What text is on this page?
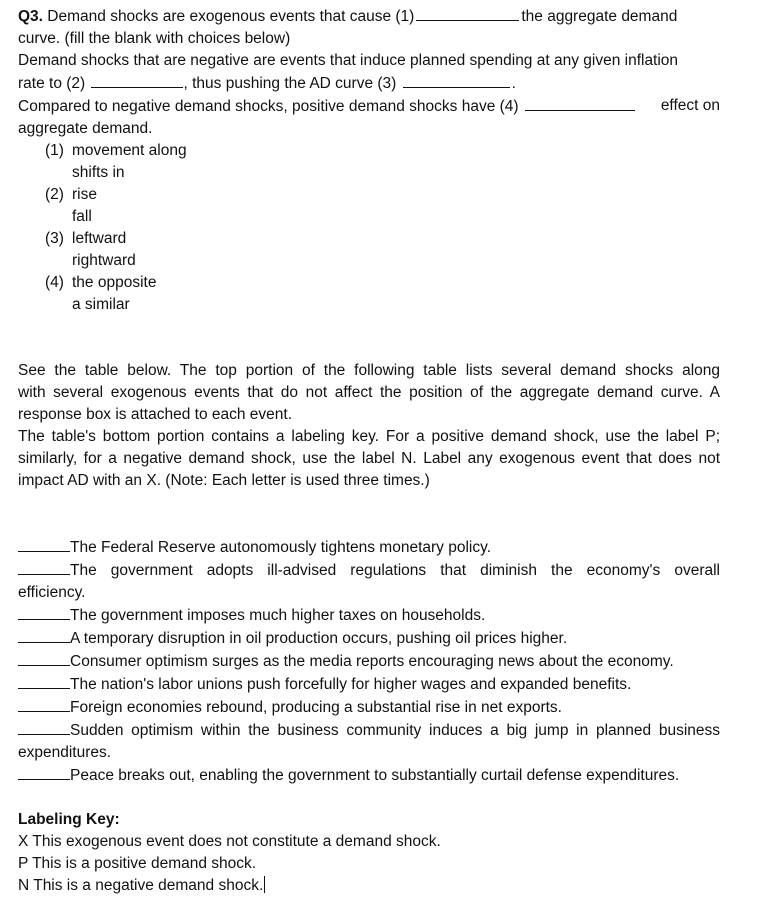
Q3. Demand shocks are exogenous events that cause (1)	the aggregate demand
curve. (fill the blank with choices below)
Demand shocks that are negative are events that induce planned spending at any given inflation
rate to (2)	, thus pushing the AD curve (3)	.
Compared to negative demand shocks, positive demand shocks have (4)	effect on
aggregate demand.
(1) movement along
shifts in
(2) rise
fall
(3) leftward
rightward
(4) the opposite
a similar
See the table below. The top portion of the following table lists several demand shocks along
with several exogenous events that do not affect the position of the aggregate demand curve. A
response box is attached to each event.
The table's bottom portion contains a labeling key. For a positive demand shock, use the label P;
similarly, for a negative demand shock, use the label N. Label any exogenous event that does not
impact AD with an X. (Note: Each letter is used three times.)
The Federal Reserve autonomously tightens monetary policy.
The government adopts ill-advised regulations that diminish the economy's overall
efficiency.
The government imposes much higher taxes on households.
A temporary disruption in oil production occurs, pushing oil prices higher.
Consumer optimism surges as the media reports encouraging news about the economy.
The nation's labor unions push forcefully for higher wages and expanded benefits.
Foreign economies rebound, producing a substantial rise in net exports.
Sudden optimism within the business community induces a big jump in planned business
expenditures.
Peace breaks out, enabling the government to substantially curtail defense expenditures.
Labeling Key:
X This exogenous event does not constitute a demand shock.
P This is a positive demand shock.
N This is a negative demand shock.
